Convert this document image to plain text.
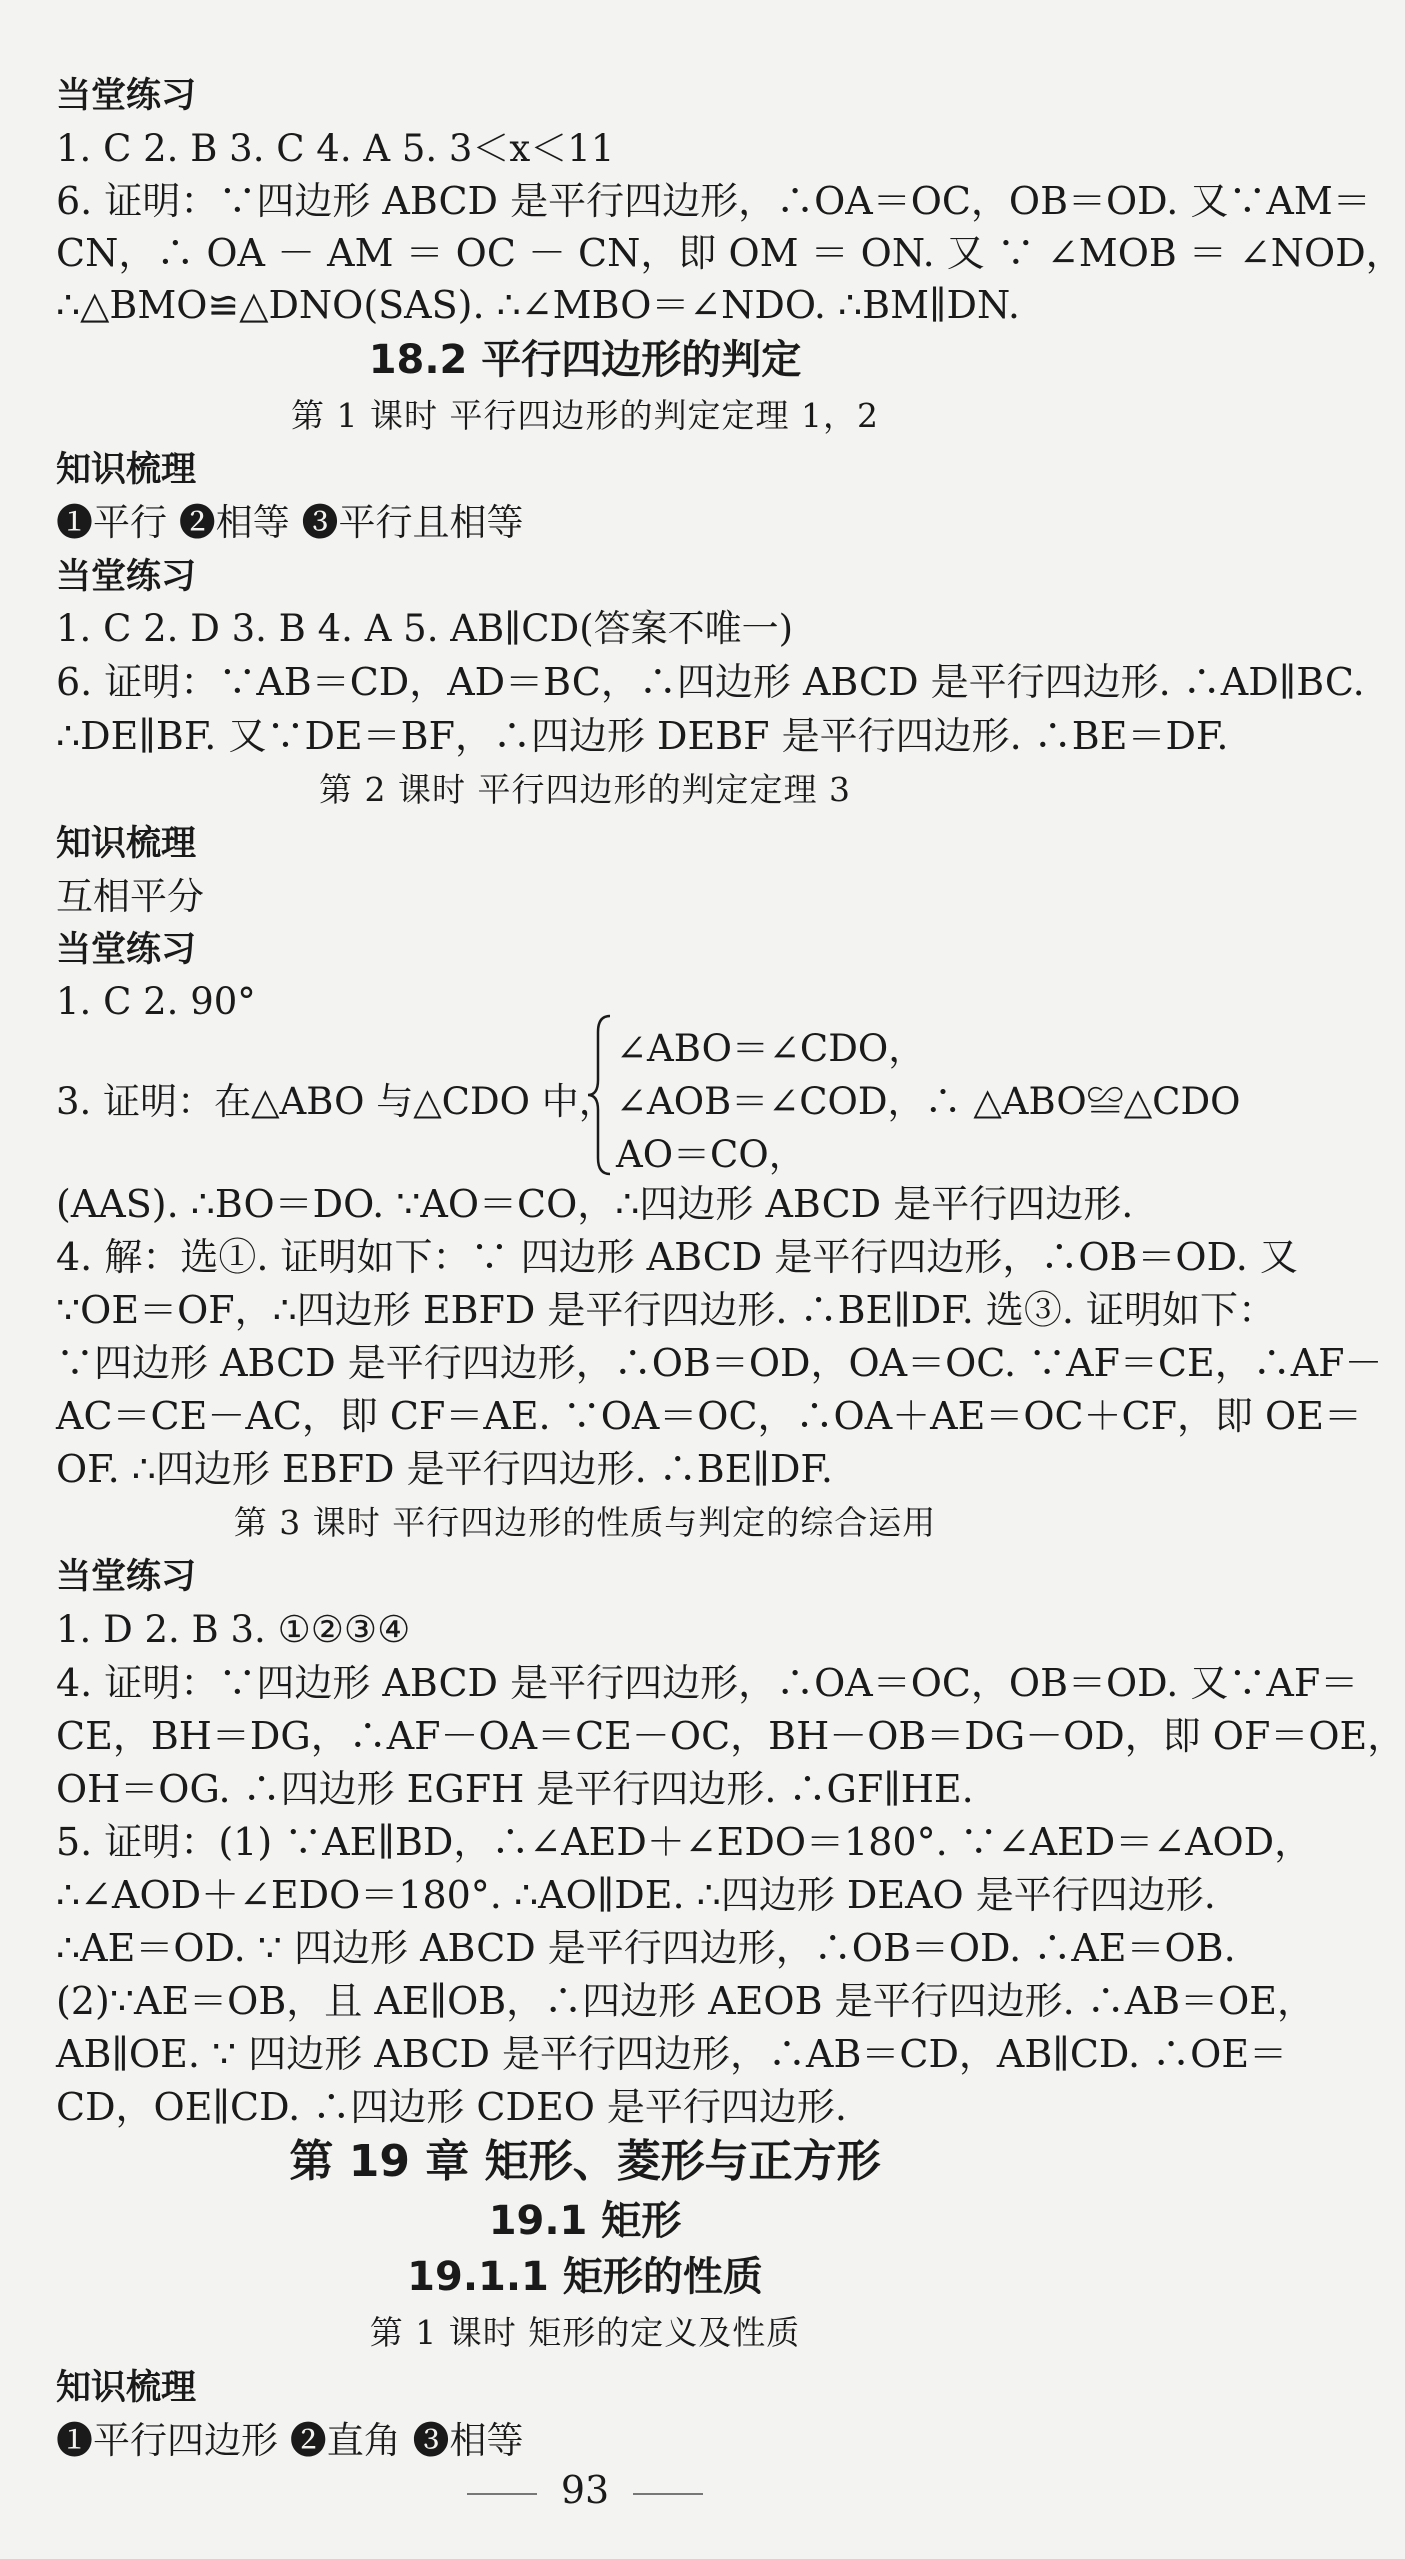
当堂练习
1. C 2. B 3. C 4. A 5. 3＜x＜11
6. 证明：∵四边形 ABCD 是平行四边形，∴OA＝OC，OB＝OD. 又∵AM＝
CN，∴ OA － AM ＝ OC － CN，即 OM ＝ ON. 又 ∵ ∠MOB ＝ ∠NOD，
∴△BMO≌△DNO(SAS). ∴∠MBO＝∠NDO. ∴BM∥DN.
18.2 平行四边形的判定
第 1 课时 平行四边形的判定定理 1，2
知识梳理
❶平行 ❷相等 ❸平行且相等
当堂练习
1. C 2. D 3. B 4. A 5. AB∥CD(答案不唯一)
6. 证明：∵AB＝CD，AD＝BC，∴四边形 ABCD 是平行四边形. ∴AD∥BC.
∴DE∥BF. 又∵DE＝BF，∴四边形 DEBF 是平行四边形. ∴BE＝DF.
第 2 课时 平行四边形的判定定理 3
知识梳理
互相平分
当堂练习
1. C 2. 90°
3. 证明：在△ABO 与△CDO 中，
∠ABO＝∠CDO，
∠AOB＝∠COD，∴ △ABO≌△CDO
AO＝CO，
(AAS). ∴BO＝DO. ∵AO＝CO，∴四边形 ABCD 是平行四边形.
4. 解：选①. 证明如下：∵ 四边形 ABCD 是平行四边形，∴OB＝OD. 又
∵OE＝OF，∴四边形 EBFD 是平行四边形. ∴BE∥DF. 选③. 证明如下：
∵四边形 ABCD 是平行四边形，∴OB＝OD，OA＝OC. ∵AF＝CE，∴AF－
AC＝CE－AC，即 CF＝AE. ∵OA＝OC，∴OA＋AE＝OC＋CF，即 OE＝
OF. ∴四边形 EBFD 是平行四边形. ∴BE∥DF.
第 3 课时 平行四边形的性质与判定的综合运用
当堂练习
1. D 2. B 3. ①②③④
4. 证明：∵四边形 ABCD 是平行四边形，∴OA＝OC，OB＝OD. 又∵AF＝
CE，BH＝DG，∴AF－OA＝CE－OC，BH－OB＝DG－OD，即 OF＝OE，
OH＝OG. ∴四边形 EGFH 是平行四边形. ∴GF∥HE.
5. 证明：(1) ∵AE∥BD，∴∠AED＋∠EDO＝180°. ∵∠AED＝∠AOD，
∴∠AOD＋∠EDO＝180°. ∴AO∥DE. ∴四边形 DEAO 是平行四边形.
∴AE＝OD. ∵ 四边形 ABCD 是平行四边形，∴OB＝OD. ∴AE＝OB.
(2)∵AE＝OB，且 AE∥OB，∴四边形 AEOB 是平行四边形. ∴AB＝OE，
AB∥OE. ∵ 四边形 ABCD 是平行四边形，∴AB＝CD，AB∥CD. ∴OE＝
CD，OE∥CD. ∴四边形 CDEO 是平行四边形.
第 19 章 矩形、菱形与正方形
19.1 矩形
19.1.1 矩形的性质
第 1 课时 矩形的定义及性质
知识梳理
❶平行四边形 ❷直角 ❸相等
93
